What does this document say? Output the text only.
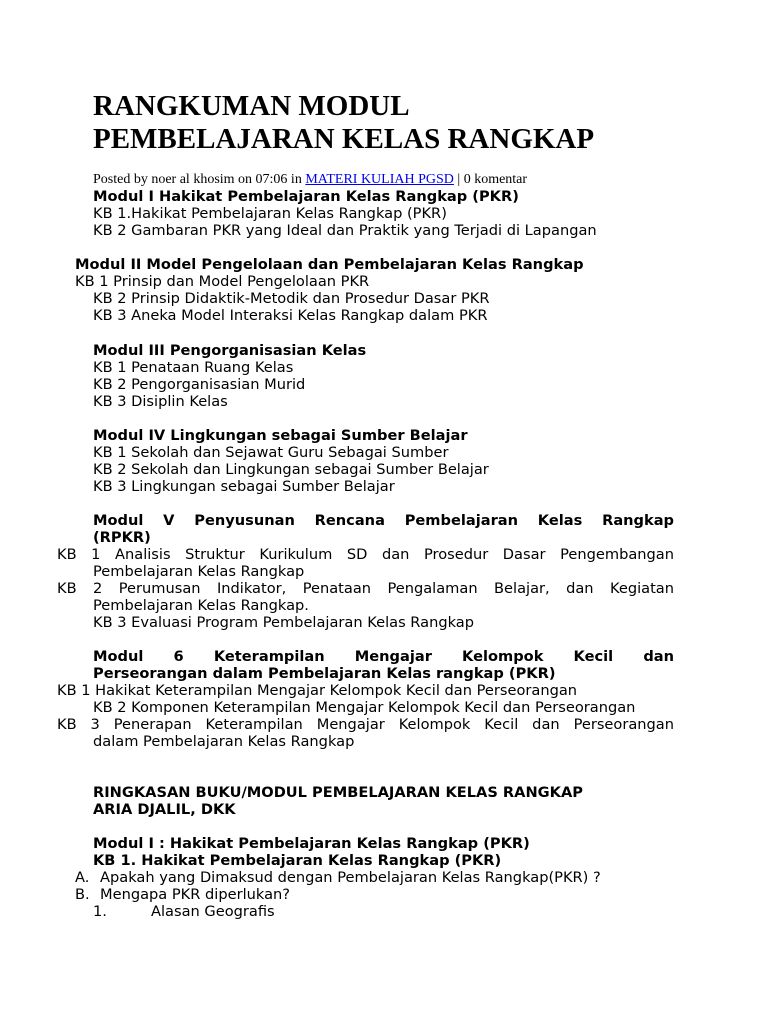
RANGKUMAN MODUL
PEMBELAJARAN KELAS RANGKAP
Posted by noer al khosim on 07:06 in MATERI KULIAH PGSD | 0 komentar
Modul I Hakikat Pembelajaran Kelas Rangkap (PKR)
KB 1.Hakikat Pembelajaran Kelas Rangkap (PKR)
KB 2 Gambaran PKR yang Ideal dan Praktik yang Terjadi di Lapangan
Modul II Model Pengelolaan dan Pembelajaran Kelas Rangkap
KB 1 Prinsip dan Model Pengelolaan PKR
KB 2 Prinsip Didaktik-Metodik dan Prosedur Dasar PKR
KB 3 Aneka Model Interaksi Kelas Rangkap dalam PKR
Modul III Pengorganisasian Kelas
KB 1 Penataan Ruang Kelas
KB 2 Pengorganisasian Murid
KB 3 Disiplin Kelas
Modul IV Lingkungan sebagai Sumber Belajar
KB 1 Sekolah dan Sejawat Guru Sebagai Sumber
KB 2 Sekolah dan Lingkungan sebagai Sumber Belajar
KB 3 Lingkungan sebagai Sumber Belajar
Modul V Penyusunan Rencana Pembelajaran Kelas Rangkap
(RPKR)
KB 1 Analisis Struktur Kurikulum SD dan Prosedur Dasar Pengembangan
Pembelajaran Kelas Rangkap
KB 2 Perumusan Indikator, Penataan Pengalaman Belajar, dan Kegiatan
Pembelajaran Kelas Rangkap.
KB 3 Evaluasi Program Pembelajaran Kelas Rangkap
Modul 6 Keterampilan Mengajar Kelompok Kecil dan
Perseorangan dalam Pembelajaran Kelas rangkap (PKR)
KB 1 Hakikat Keterampilan Mengajar Kelompok Kecil dan Perseorangan
KB 2 Komponen Keterampilan Mengajar Kelompok Kecil dan Perseorangan
KB 3 Penerapan Keterampilan Mengajar Kelompok Kecil dan Perseorangan
dalam Pembelajaran Kelas Rangkap
RINGKASAN BUKU/MODUL PEMBELAJARAN KELAS RANGKAP
ARIA DJALIL, DKK
Modul I : Hakikat Pembelajaran Kelas Rangkap (PKR)
KB 1. Hakikat Pembelajaran Kelas Rangkap (PKR)
A. Apakah yang Dimaksud dengan Pembelajaran Kelas Rangkap(PKR) ?
B. Mengapa PKR diperlukan?
1.	Alasan Geografis
